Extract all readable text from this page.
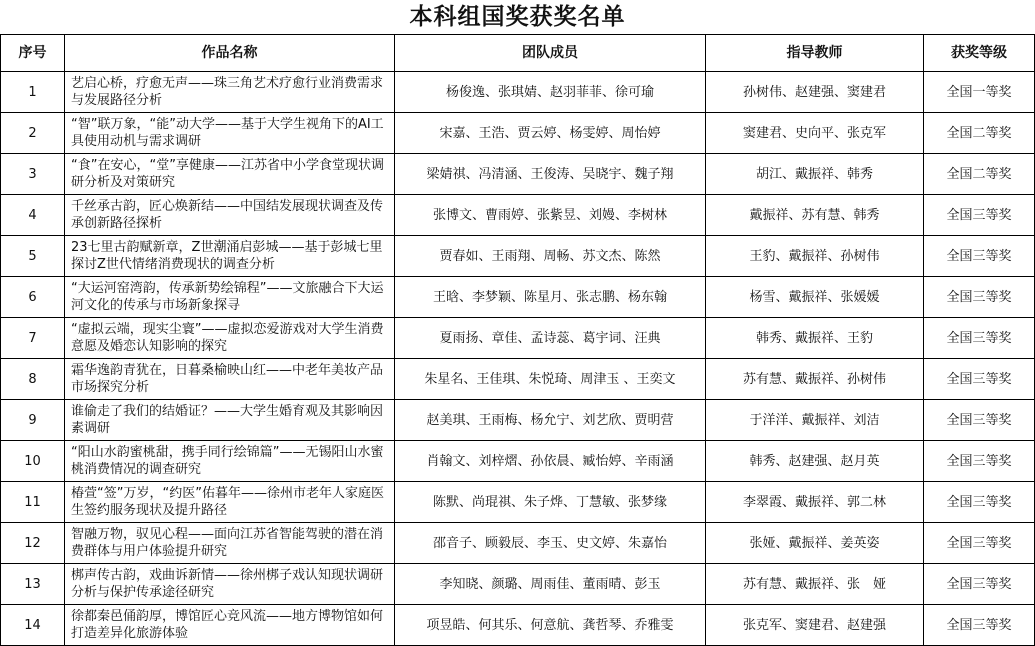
本科组国奖获奖名单
序号	作品名称	团队成员	指导教师	获奖等级
1	艺启心桥，疗愈无声——珠三角艺术疗愈行业消费需求与发展路径分析	杨俊逸、张琪婧、赵羽菲菲、徐可瑜	孙树伟、赵建强、窦建君	全国一等奖
2	“智”联万象，“能”动大学——基于大学生视角下的AI工具使用动机与需求调研	宋嘉、王浩、贾云婷、杨雯婷、周怡婷	窦建君、史向平、张克军	全国二等奖
3	“食”在安心，“堂”享健康——江苏省中小学食堂现状调研分析及对策研究	梁婧祺、冯清涵、王俊涛、吴晓宇、魏子翔	胡江、戴振祥、韩秀	全国二等奖
4	千丝承古韵，匠心焕新结——中国结发展现状调查及传承创新路径探析	张博文、曹雨婷、张紫昱、刘嫚、李树林	戴振祥、苏有慧、韩秀	全国三等奖
5	23七里古韵赋新章，Z世潮涌启彭城——基于彭城七里探讨Z世代情绪消费现状的调查分析	贾春如、王雨翔、周畅、苏文杰、陈然	王豹、戴振祥、孙树伟	全国三等奖
6	“大运河窑湾韵，传承新势绘锦程”——文旅融合下大运河文化的传承与市场新象探寻	王晗、李梦颖、陈星月、张志鹏、杨东翰	杨雪、戴振祥、张媛媛	全国三等奖
7	“虚拟云端，现实尘寰”——虚拟恋爱游戏对大学生消费意愿及婚恋认知影响的探究	夏雨扬、章佳、孟诗蕊、葛宇词、汪典	韩秀、戴振祥、王豹	全国三等奖
8	霜华逸韵青犹在，日暮桑榆映山红——中老年美妆产品市场探究分析	朱星名、王佳琪、朱悦琦、周津玉 、王奕文	苏有慧、戴振祥、孙树伟	全国三等奖
9	谁偷走了我们的结婚证？——大学生婚育观及其影响因素调研	赵美琪、王雨梅、杨允宁、刘艺欣、贾明营	于洋洋、戴振祥、刘洁	全国三等奖
10	“阳山水韵蜜桃甜，携手同行绘锦篇”——无锡阳山水蜜桃消费情况的调查研究	肖翰文、刘梓熠、孙依晨、臧怡婷、辛雨涵	韩秀、赵建强、赵月英	全国三等奖
11	椿萱“签”万岁，“约医”佑暮年——徐州市老年人家庭医生签约服务现状及提升路径	陈默、尚琨祺、朱子烨、丁慧敏、张梦缘	李翠霞、戴振祥、郭二林	全国三等奖
12	智融万物，驭见心程——面向江苏省智能驾驶的潜在消费群体与用户体验提升研究	邵音子、顾毅辰、李玉、史文婷、朱嘉怡	张娅、戴振祥、姜英姿	全国三等奖
13	梆声传古韵，戏曲诉新情——徐州梆子戏认知现状调研分析与保护传承途径研究	李知晓、颜璐、周雨佳、董雨晴、彭玉	苏有慧、戴振祥、张　娅	全国三等奖
14	徐都秦邑俑韵厚，博馆匠心竞风流——地方博物馆如何打造差异化旅游体验	项昱皓、何其乐、何意航、龚哲琴、乔雅雯	张克军、窦建君、赵建强	全国三等奖
